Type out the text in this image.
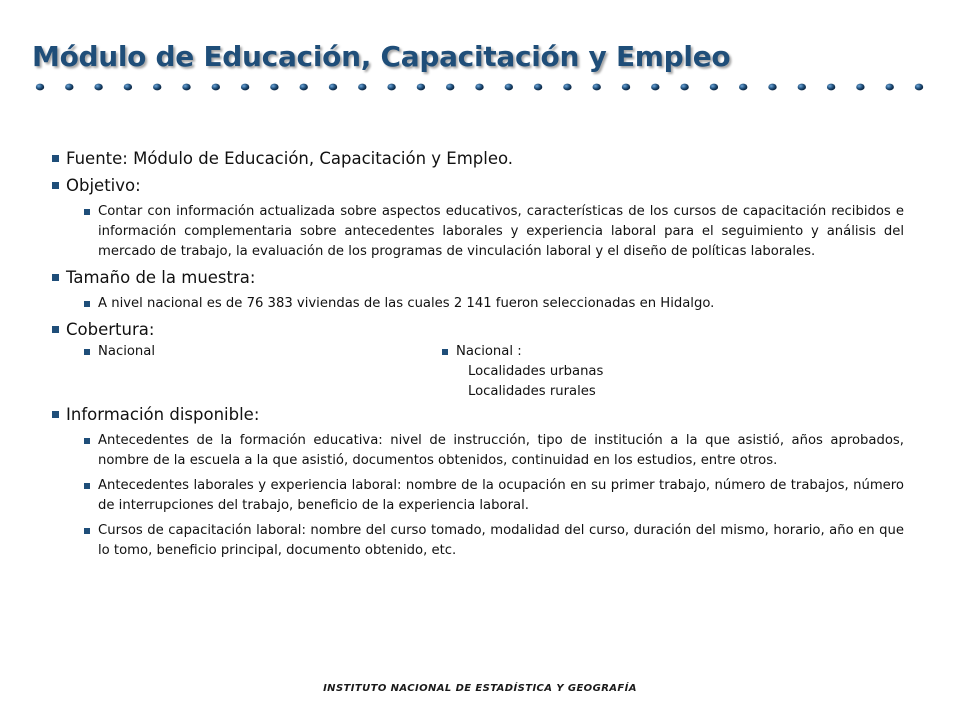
Módulo de Educación, Capacitación y Empleo
Fuente: Módulo de Educación, Capacitación y Empleo.
Objetivo:
Contar con información actualizada sobre aspectos educativos, características de los cursos de capacitación recibidos e información complementaria sobre antecedentes laborales y experiencia laboral para el seguimiento y análisis del mercado de trabajo, la evaluación de los programas de vinculación laboral y el diseño de políticas laborales.
Tamaño de la muestra:
A nivel nacional es de 76 383 viviendas de las cuales 2 141 fueron seleccionadas en Hidalgo.
Cobertura:
Nacional	Nacional :
Localidades urbanas
Localidades rurales
Información disponible:
Antecedentes de la formación educativa: nivel de instrucción, tipo de institución a la que asistió, años aprobados, nombre de la escuela a la que asistió, documentos obtenidos, continuidad en los estudios, entre otros.
Antecedentes laborales y experiencia laboral: nombre de la ocupación en su primer trabajo, número de trabajos, número de interrupciones del trabajo, beneficio de la experiencia laboral.
Cursos de capacitación laboral: nombre del curso tomado, modalidad del curso, duración del mismo, horario, año en que lo tomo, beneficio principal, documento obtenido, etc.
INSTITUTO NACIONAL DE ESTADÍSTICA Y GEOGRAFÍA
